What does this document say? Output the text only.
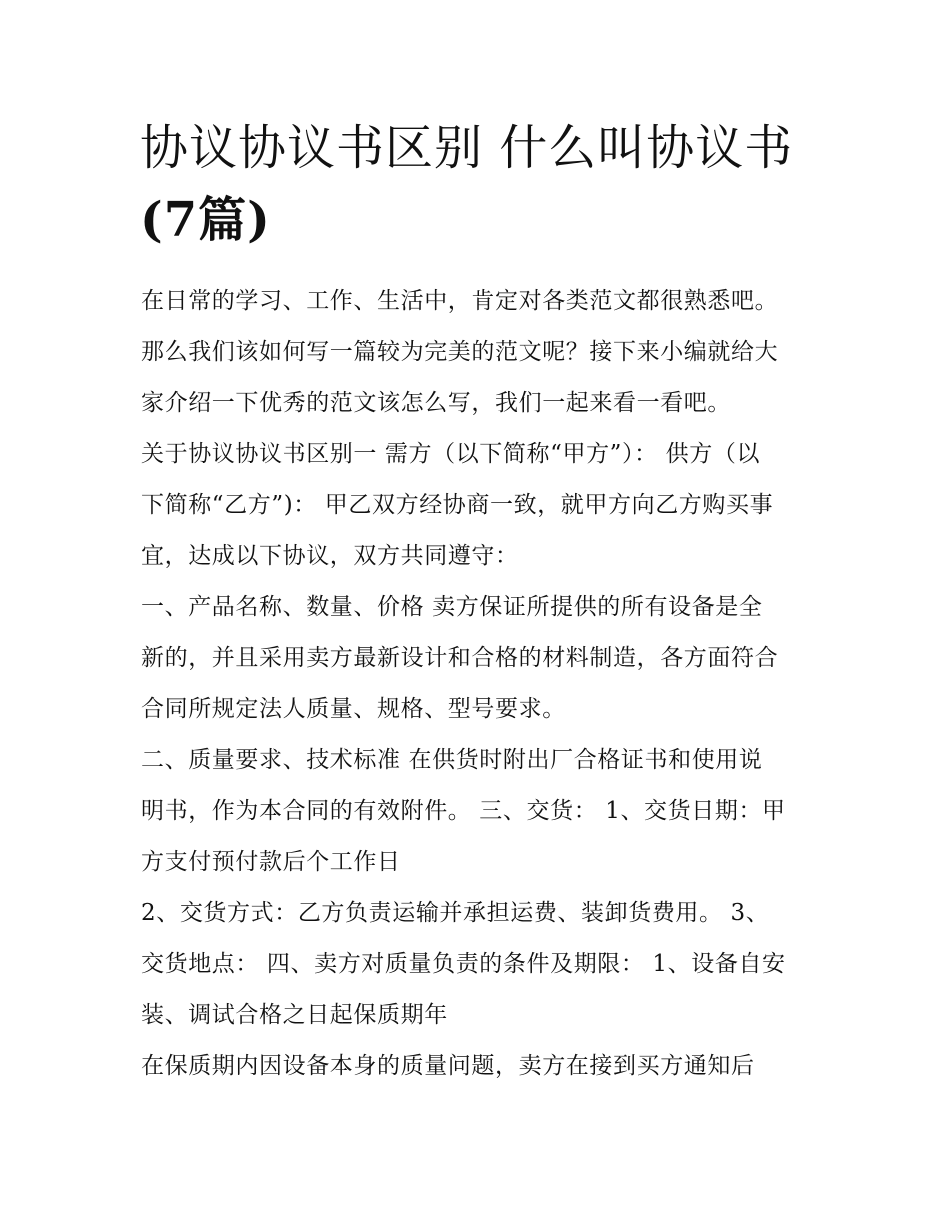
协议协议书区别 什么叫协议书
(7篇)
在日常的学习、工作、生活中，肯定对各类范文都很熟悉吧。
那么我们该如何写一篇较为完美的范文呢？接下来小编就给大
家介绍一下优秀的范文该怎么写，我们一起来看一看吧。
关于协议协议书区别一 需方（以下简称“甲方”）： 供方（以
下简称“乙方”)： 甲乙双方经协商一致，就甲方向乙方购买事
宜，达成以下协议，双方共同遵守：
一、产品名称、数量、价格 卖方保证所提供的所有设备是全
新的，并且采用卖方最新设计和合格的材料制造，各方面符合
合同所规定法人质量、规格、型号要求。
二、质量要求、技术标准 在供货时附出厂合格证书和使用说
明书，作为本合同的有效附件。 三、交货： 1、交货日期：甲
方支付预付款后个工作日
2、交货方式：乙方负责运输并承担运费、装卸货费用。 3、
交货地点： 四、卖方对质量负责的条件及期限： 1、设备自安
装、调试合格之日起保质期年
在保质期内因设备本身的质量问题，卖方在接到买方通知后
